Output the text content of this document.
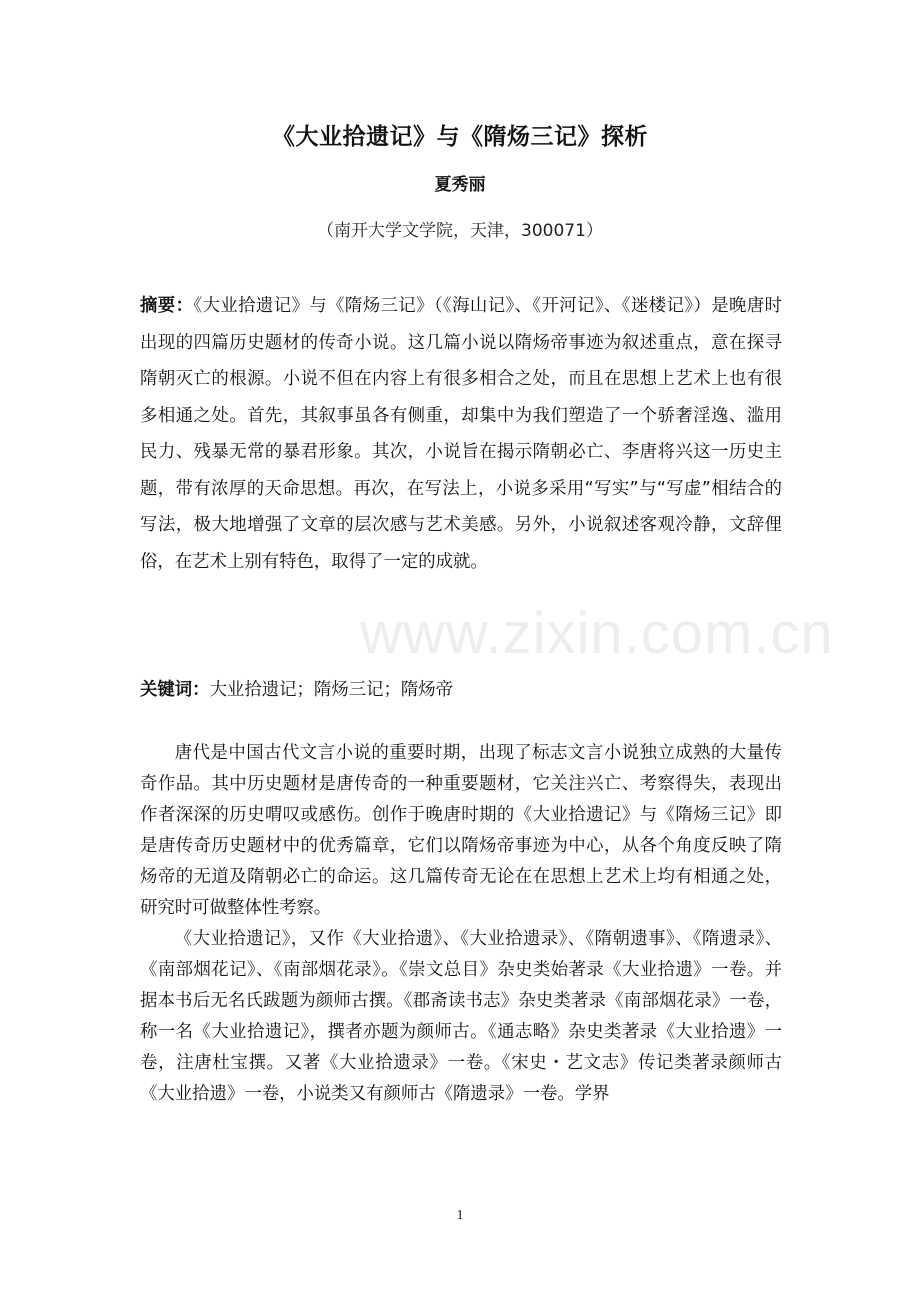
《大业拾遗记》与《隋炀三记》探析
夏秀丽
（南开大学文学院，天津，300071）
摘要：《大业拾遗记》与《隋炀三记》（《海山记》、《开河记》、《迷楼记》）是晚唐时出现的四篇历史题材的传奇小说。这几篇小说以隋炀帝事迹为叙述重点，意在探寻隋朝灭亡的根源。小说不但在内容上有很多相合之处，而且在思想上艺术上也有很多相通之处。首先，其叙事虽各有侧重，却集中为我们塑造了一个骄奢淫逸、滥用民力、残暴无常的暴君形象。其次，小说旨在揭示隋朝必亡、李唐将兴这一历史主题，带有浓厚的天命思想。再次，在写法上，小说多采用“写实”与“写虚”相结合的写法，极大地增强了文章的层次感与艺术美感。另外，小说叙述客观冷静，文辞俚俗，在艺术上别有特色，取得了一定的成就。
关键词：大业拾遗记；隋炀三记；隋炀帝

唐代是中国古代文言小说的重要时期，出现了标志文言小说独立成熟的大量传奇作品。其中历史题材是唐传奇的一种重要题材，它关注兴亡、考察得失，表现出作者深深的历史喟叹或感伤。创作于晚唐时期的《大业拾遗记》与《隋炀三记》即是唐传奇历史题材中的优秀篇章，它们以隋炀帝事迹为中心，从各个角度反映了隋炀帝的无道及隋朝必亡的命运。这几篇传奇无论在在思想上艺术上均有相通之处，研究时可做整体性考察。

《大业拾遗记》，又作《大业拾遗》、《大业拾遗录》、《隋朝遗事》、《隋遗录》、《南部烟花记》、《南部烟花录》。《崇文总目》杂史类始著录《大业拾遗》一卷。并据本书后无名氏跋题为颜师古撰。《郡斋读书志》杂史类著录《南部烟花录》一卷，称一名《大业拾遗记》，撰者亦题为颜师古。《通志略》杂史类著录《大业拾遗》一卷，注唐杜宝撰。又著《大业拾遗录》一卷。《宋史・艺文志》传记类著录颜师古《大业拾遗》一卷，小说类又有颜师古《隋遗录》一卷。学界

www.zixin.com.cn
1
